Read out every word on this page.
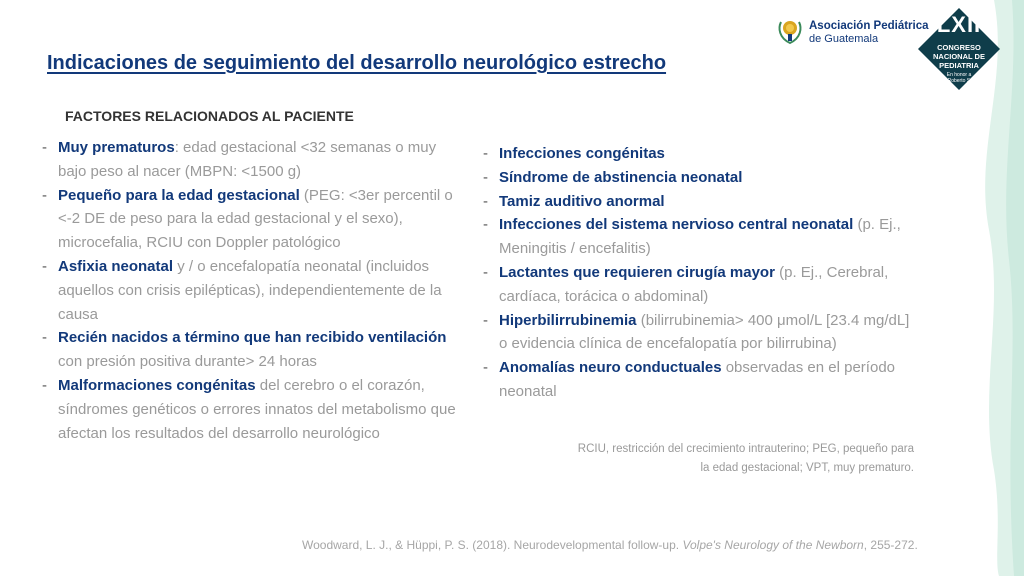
Indicaciones de seguimiento del desarrollo neurológico estrecho
Asociación Pediátrica
de Guatemala
LXII
CONGRESO
NACIONAL DE
PEDIATRIA
En honor a
Dr. Roberto Sosa
FACTORES RELACIONADOS AL PACIENTE
- Muy prematuros: edad gestacional <32 semanas o muy bajo peso al nacer (MBPN: <1500 g)
- Pequeño para la edad gestacional (PEG: <3er percentil o <-2 DE de peso para la edad gestacional y el sexo), microcefalia, RCIU con Doppler patológico
- Asfixia neonatal y / o encefalopatía neonatal (incluidos aquellos con crisis epilépticas), independientemente de la causa
- Recién nacidos a término que han recibido ventilación con presión positiva durante> 24 horas
- Malformaciones congénitas del cerebro o el corazón, síndromes genéticos o errores innatos del metabolismo que afectan los resultados del desarrollo neurológico
- Infecciones congénitas
- Síndrome de abstinencia neonatal
- Tamiz auditivo anormal
- Infecciones del sistema nervioso central neonatal (p. Ej., Meningitis / encefalitis)
- Lactantes que requieren cirugía mayor (p. Ej., Cerebral, cardíaca, torácica o abdominal)
- Hiperbilirrubinemia (bilirrubinemia> 400 μmol/L [23.4 mg/dL] o evidencia clínica de encefalopatía por bilirrubina)
- Anomalías neuro conductuales observadas en el período neonatal
RCIU, restricción del crecimiento intrauterino; PEG, pequeño para
la edad gestacional; VPT, muy prematuro.
Woodward, L. J., & Hüppi, P. S. (2018). Neurodevelopmental follow-up. Volpe's Neurology of the Newborn, 255-272.
